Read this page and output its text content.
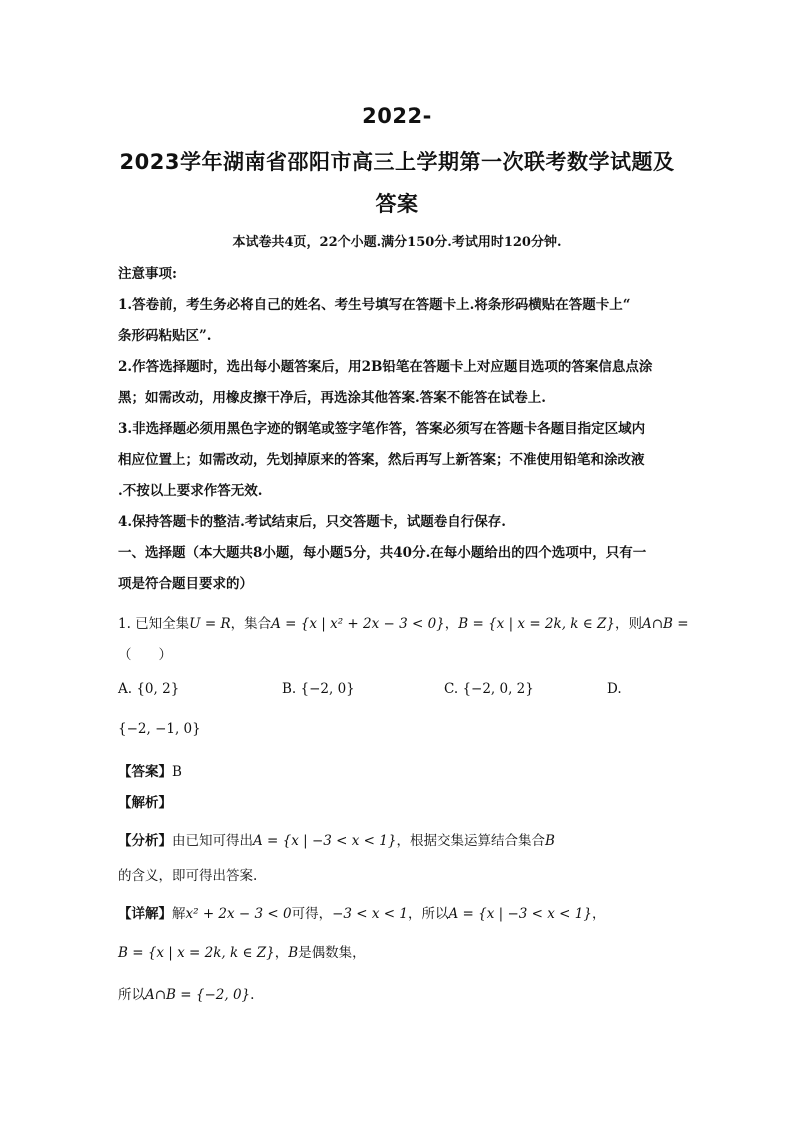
2022-
2023学年湖南省邵阳市高三上学期第一次联考数学试题及
答案
本试卷共4页，22个小题.满分150分.考试用时120分钟.
注意事项:
1.答卷前，考生务必将自己的姓名、考生号填写在答题卡上.将条形码横贴在答题卡上“
条形码粘贴区”.
2.作答选择题时，选出每小题答案后，用2B铅笔在答题卡上对应题目选项的答案信息点涂
黑；如需改动，用橡皮擦干净后，再选涂其他答案.答案不能答在试卷上.
3.非选择题必须用黑色字迹的钢笔或签字笔作答，答案必须写在答题卡各题目指定区域内
相应位置上；如需改动，先划掉原来的答案，然后再写上新答案；不准使用铅笔和涂改液
.不按以上要求作答无效.
4.保持答题卡的整洁.考试结束后，只交答题卡，试题卷自行保存.
一、选择题（本大题共8小题，每小题5分，共40分.在每小题给出的四个选项中，只有一
项是符合题目要求的）
1. 已知全集U = R，集合A = {x | x² + 2x − 3 < 0}，B = {x | x = 2k, k ∈ Z}，则A∩B =
（　　）
A. {0, 2}	B. {−2, 0}	C. {−2, 0, 2}	D.
{−2, −1, 0}
【答案】B
【解析】
【分析】由已知可得出A = {x | −3 < x < 1}，根据交集运算结合集合B
的含义，即可得出答案.
【详解】解x² + 2x − 3 < 0可得，−3 < x < 1，所以A = {x | −3 < x < 1}，
B = {x | x = 2k, k ∈ Z}，B是偶数集，
所以A∩B = {−2, 0}.
